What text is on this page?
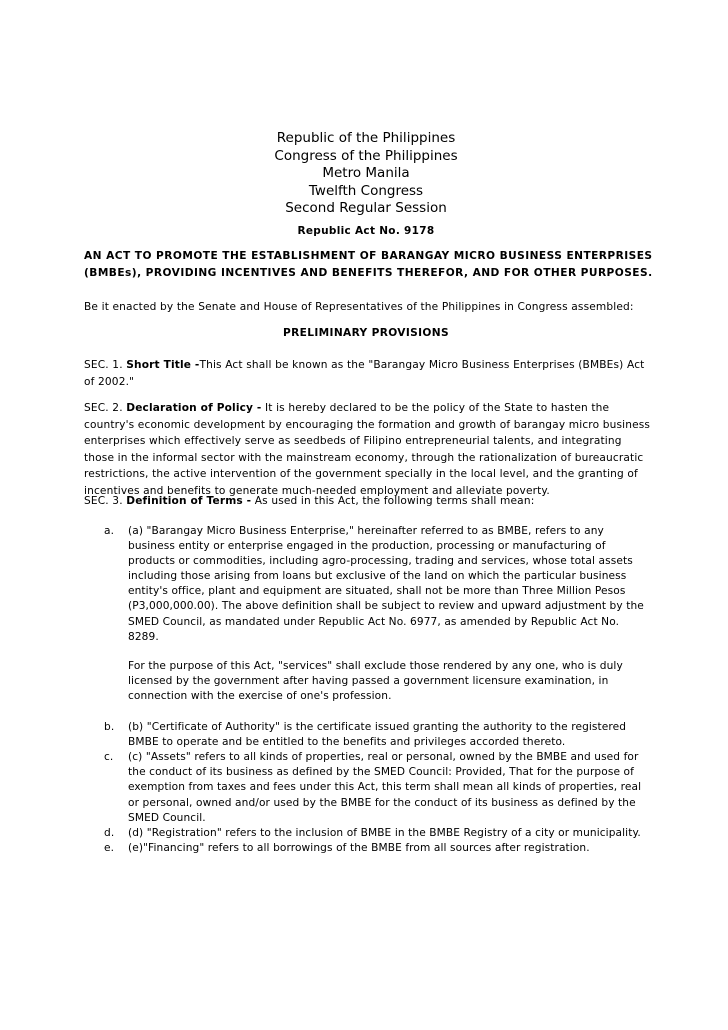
Republic of the Philippines
Congress of the Philippines
Metro Manila
Twelfth Congress
Second Regular Session
Republic Act No. 9178
AN ACT TO PROMOTE THE ESTABLISHMENT OF BARANGAY MICRO BUSINESS ENTERPRISES (BMBEs), PROVIDING INCENTIVES AND BENEFITS THEREFOR, AND FOR OTHER PURPOSES.
Be it enacted by the Senate and House of Representatives of the Philippines in Congress assembled:
PRELIMINARY PROVISIONS
SEC. 1. Short Title -This Act shall be known as the "Barangay Micro Business Enterprises (BMBEs) Act of 2002."
SEC. 2. Declaration of Policy - It is hereby declared to be the policy of the State to hasten the country's economic development by encouraging the formation and growth of barangay micro business enterprises which effectively serve as seedbeds of Filipino entrepreneurial talents, and integrating those in the informal sector with the mainstream economy, through the rationalization of bureaucratic restrictions, the active intervention of the government specially in the local level, and the granting of incentives and benefits to generate much-needed employment and alleviate poverty.
SEC. 3. Definition of Terms - As used in this Act, the following terms shall mean:
a. (a) "Barangay Micro Business Enterprise," hereinafter referred to as BMBE, refers to any business entity or enterprise engaged in the production, processing or manufacturing of products or commodities, including agro-processing, trading and services, whose total assets including those arising from loans but exclusive of the land on which the particular business entity's office, plant and equipment are situated, shall not be more than Three Million Pesos (P3,000,000.00). The above definition shall be subject to review and upward adjustment by the SMED Council, as mandated under Republic Act No. 6977, as amended by Republic Act No. 8289.
For the purpose of this Act, "services" shall exclude those rendered by any one, who is duly licensed by the government after having passed a government licensure examination, in connection with the exercise of one's profession.
b. (b) "Certificate of Authority" is the certificate issued granting the authority to the registered BMBE to operate and be entitled to the benefits and privileges accorded thereto.
c. (c) "Assets" refers to all kinds of properties, real or personal, owned by the BMBE and used for the conduct of its business as defined by the SMED Council: Provided, That for the purpose of exemption from taxes and fees under this Act, this term shall mean all kinds of properties, real or personal, owned and/or used by the BMBE for the conduct of its business as defined by the SMED Council.
d. (d) "Registration" refers to the inclusion of BMBE in the BMBE Registry of a city or municipality.
e. (e)"Financing" refers to all borrowings of the BMBE from all sources after registration.
